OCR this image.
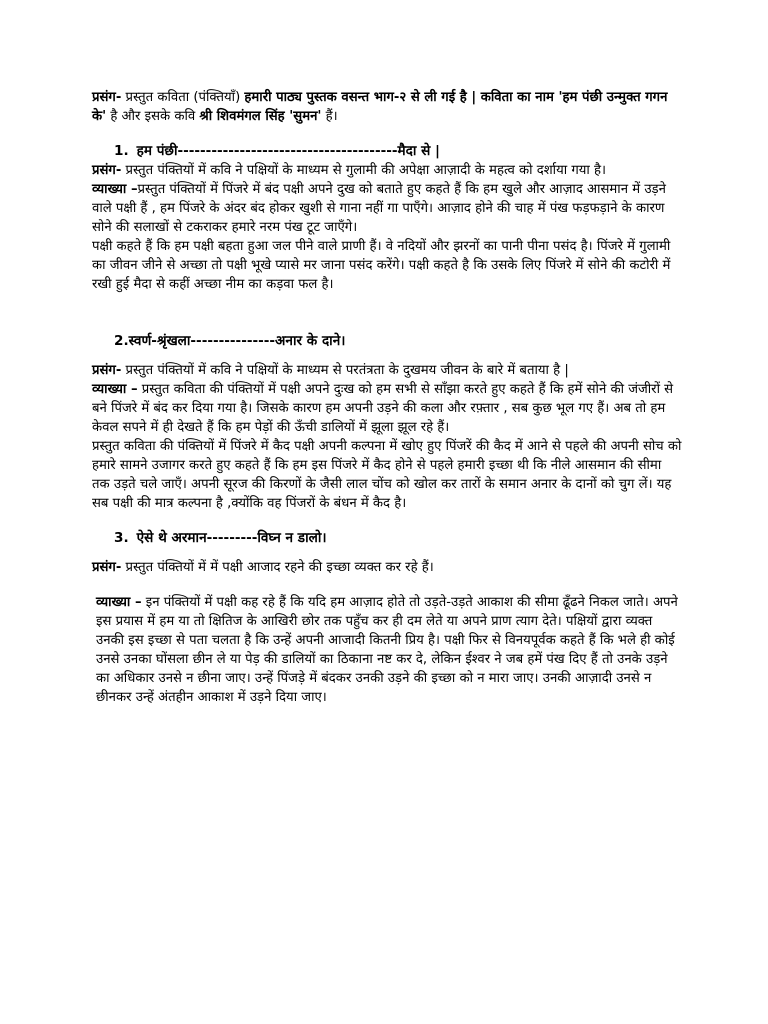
प्रसंग- प्रस्तुत कविता (पंक्तियाँ) हमारी पाठ्य पुस्तक वसन्त भाग-२ से ली गई है | कविता का नाम 'हम पंछी उन्मुक्त गगन के' है और इसके कवि श्री शिवमंगल सिंह 'सुमन' हैं।

1. हम पंछी---------------------------------------मैदा से |

प्रसंग- प्रस्तुत पंक्तियों में कवि ने पक्षियों के माध्यम से गुलामी की अपेक्षा आज़ादी के महत्व को दर्शाया गया है।

व्याख्या –प्रस्तुत पंक्तियों में पिंजरे में बंद पक्षी अपने दुख को बताते हुए कहते हैं कि हम खुले और आज़ाद आसमान में उड़ने वाले पक्षी हैं , हम पिंजरे के अंदर बंद होकर खुशी से गाना नहीं गा पाएँगे। आज़ाद होने की चाह में पंख फड़फड़ाने के कारण सोने की सलाखों से टकराकर हमारे नरम पंख टूट जाएँगे।

पक्षी कहते हैं कि हम पक्षी बहता हुआ जल पीने वाले प्राणी हैं। वे नदियों और झरनों का पानी पीना पसंद है। पिंजरे में गुलामी का जीवन जीने से अच्छा तो पक्षी भूखे प्यासे मर जाना पसंद करेंगे। पक्षी कहते है कि उसके लिए पिंजरे में सोने की कटोरी में रखी हुई मैदा से कहीं अच्छा नीम का कड़वा फल है।

2.स्वर्ण-श्रृंखला---------------अनार के दाने।

प्रसंग- प्रस्तुत पंक्तियों में कवि ने पक्षियों के माध्यम से परतंत्रता के दुखमय जीवन के बारे में बताया है |

व्याख्या – प्रस्तुत कविता की पंक्तियों में पक्षी अपने दुःख को हम सभी से साँझा करते हुए कहते हैं कि हमें सोने की जंजीरों से बने पिंजरे में बंद कर दिया गया है। जिसके कारण हम अपनी उड़ने की कला और रफ़्तार , सब कुछ भूल गए हैं। अब तो हम केवल सपने में ही देखते हैं कि हम पेड़ों की ऊँची डालियों में झूला झूल रहे हैं।

प्रस्तुत कविता की पंक्तियों में पिंजरे में कैद पक्षी अपनी कल्पना में खोए हुए पिंजरें की कैद में आने से पहले की अपनी सोच को हमारे सामने उजागर करते हुए कहते हैं कि हम इस पिंजरे में कैद होने से पहले हमारी इच्छा थी कि नीले आसमान की सीमा तक उड़ते चले जाएँ। अपनी सूरज की किरणों के जैसी लाल चोंच को खोल कर तारों के समान अनार के दानों को चुग लें। यह सब पक्षी की मात्र कल्पना है ,क्योंकि वह पिंजरों के बंधन में कैद है।

3. ऐसे थे अरमान---------विघ्न न डालो।

प्रसंग- प्रस्तुत पंक्तियों में में पक्षी आजाद रहने की इच्छा व्यक्त कर रहे हैं।

व्याख्या – इन पंक्तियों में पक्षी कह रहे हैं कि यदि हम आज़ाद होते तो उड़ते-उड़ते आकाश की सीमा ढूँढने निकल जाते। अपने इस प्रयास में हम या तो क्षितिज के आखिरी छोर तक पहुँच कर ही दम लेते या अपने प्राण त्याग देते। पक्षियों द्वारा व्यक्त उनकी इस इच्छा से पता चलता है कि उन्हें अपनी आजादी कितनी प्रिय है। पक्षी फिर से विनयपूर्वक कहते हैं कि भले ही कोई उनसे उनका घोंसला छीन ले या पेड़ की डालियों का ठिकाना नष्ट कर दे, लेकिन ईश्वर ने जब हमें पंख दिए हैं तो उनके उड़ने का अधिकार उनसे न छीना जाए। उन्हें पिंजड़े में बंदकर उनकी उड़ने की इच्छा को न मारा जाए। उनकी आज़ादी उनसे न छीनकर उन्हें अंतहीन आकाश में उड़ने दिया जाए।
